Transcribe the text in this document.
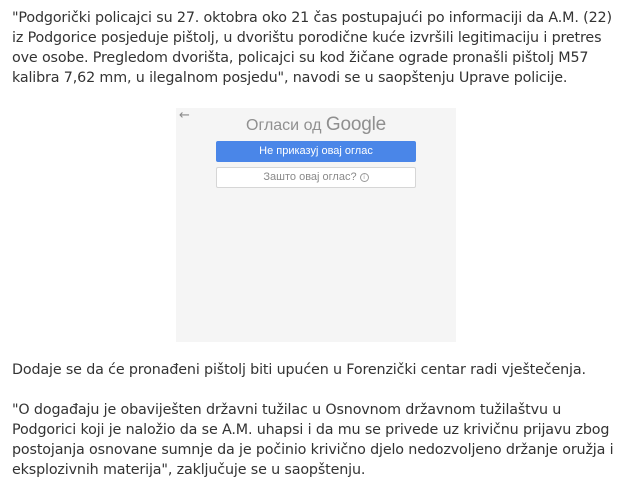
"Podgorički policajci su 27. oktobra oko 21 čas postupajući po informaciji da A.M. (22) iz Podgorice posjeduje pištolj, u dvorištu porodične kuće izvršili legitimaciju i pretres ove osobe. Pregledom dvorišta, policajci su kod žičane ograde pronašli pištolj M57 kalibra 7,62 mm, u ilegalnom posjedu", navodi se u saopštenju Uprave policije.

←
Огласи од Google
Не приказуј овај оглас
Зашто овај оглас? i

Dodaje se da će pronađeni pištolj biti upućen u Forenzički centar radi vještečenja.

"O događaju je obaviješten državni tužilac u Osnovnom državnom tužilaštvu u Podgorici koji je naložio da se A.M. uhapsi i da mu se privede uz krivičnu prijavu zbog postojanja osnovane sumnje da je počinio krivično djelo nedozvoljeno držanje oružja i eksplozivnih materija", zaključuje se u saopštenju.
